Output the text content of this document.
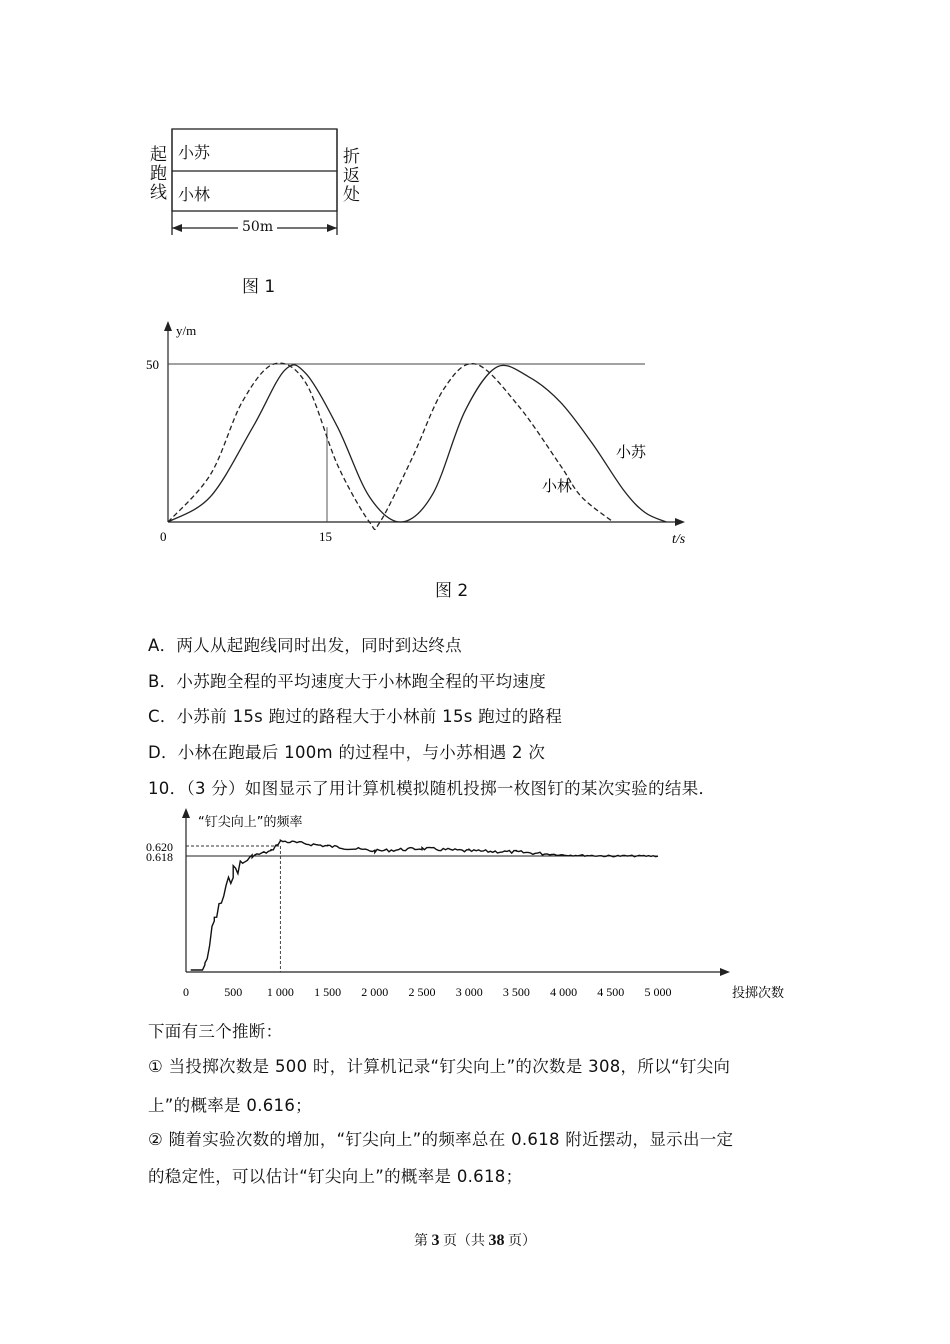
起跑线
折返处
小苏
小林
50m
图 1
y/m
t/s
50
0	15
小苏
小林
图 2
A．两人从起跑线同时出发，同时到达终点
B．小苏跑全程的平均速度大于小林跑全程的平均速度
C．小苏前 15s 跑过的路程大于小林前 15s 跑过的路程
D．小林在跑最后 100m 的过程中，与小苏相遇 2 次
10．（3 分）如图显示了用计算机模拟随机投掷一枚图钉的某次实验的结果．
“钉尖向上”的频率
0.620
0.618
0	500 1 000 1 500 2 000 2 500 3 000 3 500 4 000 4 500 5 000	投掷次数
下面有三个推断：
① 当投掷次数是 500 时，计算机记录“钉尖向上”的次数是 308，所以“钉尖向
上”的概率是 0.616；
② 随着实验次数的增加，“钉尖向上”的频率总在 0.618 附近摆动，显示出一定
的稳定性，可以估计“钉尖向上”的概率是 0.618；
第 3 页（共 38 页）
